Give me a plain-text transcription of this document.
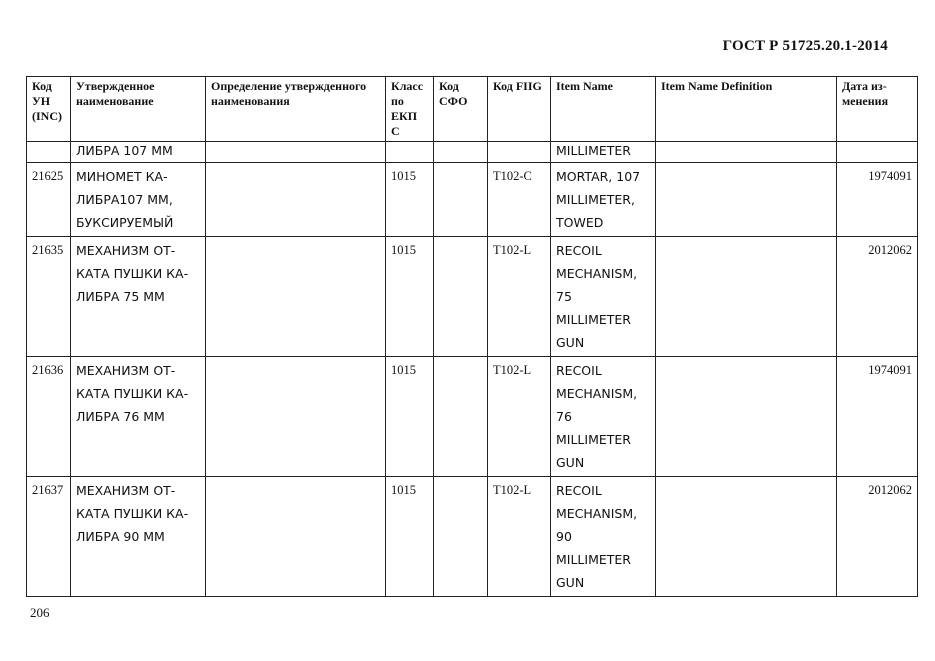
ГОСТ Р 51725.20.1-2014
Код УН (INC)	Утвержденное наименование	Определение утвержденного наименования	Класс по ЕКП С	Код СФО	Код FIIG	Item Name	Item Name Definition	Дата из- менения
	ЛИБРА 107 ММ					MILLIMETER		
21625	МИНОМЕТ КА-
ЛИБРА107 ММ,
БУКСИРУЕМЫЙ		1015		T102-C	MORTAR, 107
MILLIMETER,
TOWED		1974091
21635	МЕХАНИЗМ ОТ-
КАТА ПУШКИ КА-
ЛИБРА 75 ММ		1015		T102-L	RECOIL
MECHANISM,
75
MILLIMETER
GUN		2012062
21636	МЕХАНИЗМ ОТ-
КАТА ПУШКИ КА-
ЛИБРА 76 ММ		1015		T102-L	RECOIL
MECHANISM,
76
MILLIMETER
GUN		1974091
21637	МЕХАНИЗМ ОТ-
КАТА ПУШКИ КА-
ЛИБРА 90 ММ		1015		T102-L	RECOIL
MECHANISM,
90
MILLIMETER
GUN		2012062
206
